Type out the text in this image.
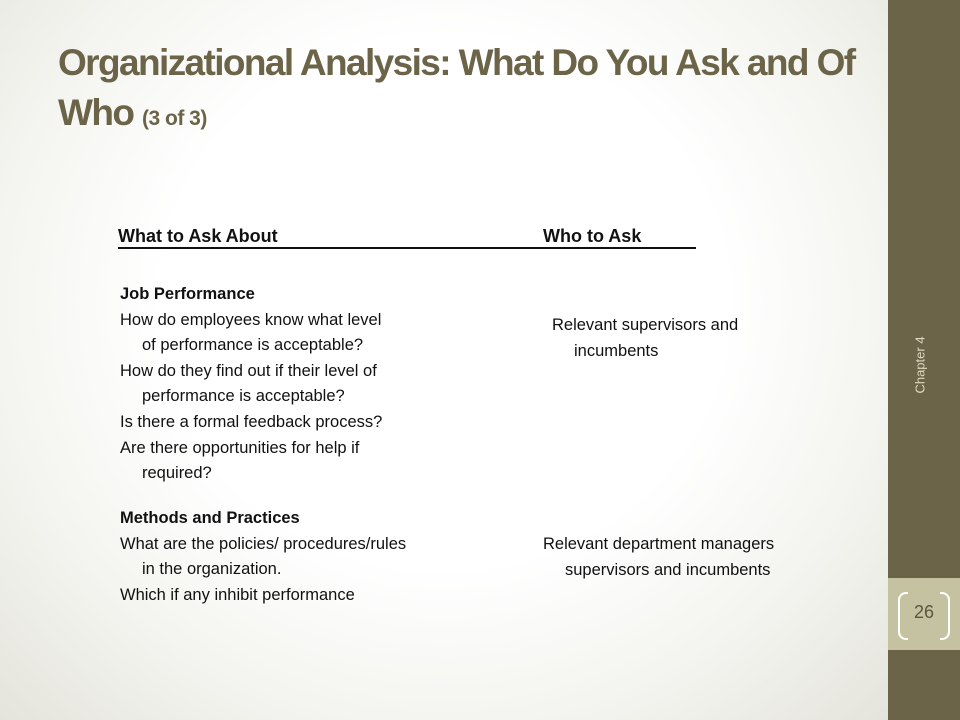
Organizational Analysis: What Do You Ask and Of Who (3 of 3)
What to Ask About	Who to Ask
Job Performance
How do employees know what level
of performance is acceptable?
How do they find out if their level of
performance is acceptable?
Is there a formal feedback process?
Are there opportunities for help if
required?
Relevant supervisors and
incumbents
Methods and Practices
What are the policies/ procedures/rules
in the organization.
Which if any inhibit performance
Relevant department managers
supervisors and incumbents
Chapter 4
26
